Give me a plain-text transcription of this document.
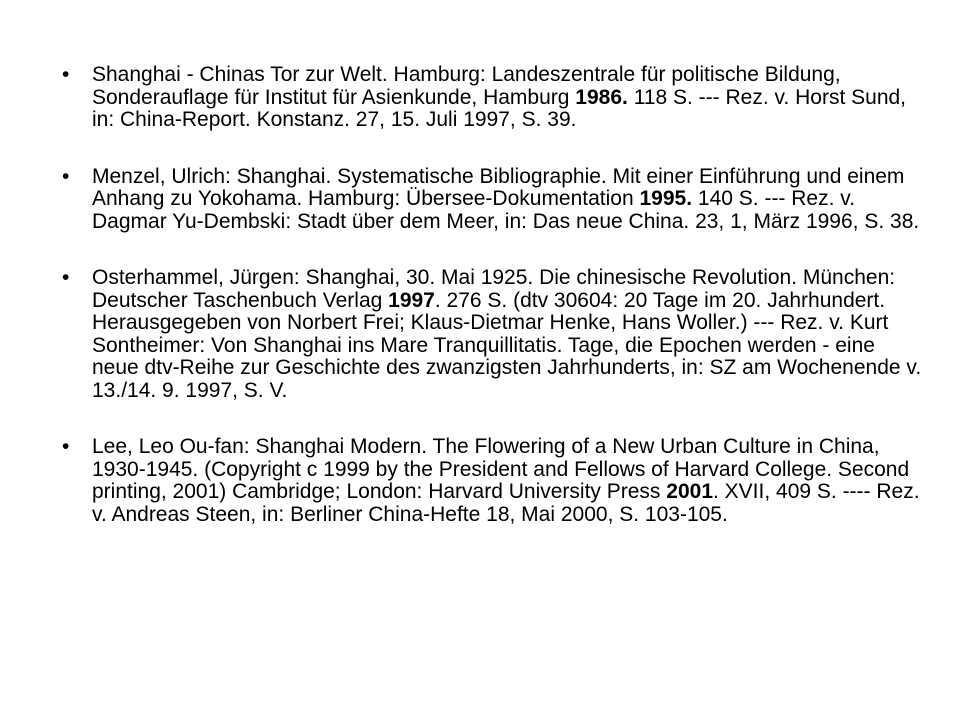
• Shanghai - Chinas Tor zur Welt. Hamburg: Landeszentrale für politische Bildung, Sonderauflage für Institut für Asienkunde, Hamburg 1986. 118 S. --- Rez. v. Horst Sund, in: China-Report. Konstanz. 27, 15. Juli 1997, S. 39.
• Menzel, Ulrich: Shanghai. Systematische Bibliographie. Mit einer Einführung und einem Anhang zu Yokohama. Hamburg: Übersee-Dokumentation 1995. 140 S. --- Rez. v. Dagmar Yu-Dembski: Stadt über dem Meer, in: Das neue China. 23, 1, März 1996, S. 38.
• Osterhammel, Jürgen: Shanghai, 30. Mai 1925. Die chinesische Revolution. München: Deutscher Taschenbuch Verlag 1997. 276 S. (dtv 30604: 20 Tage im 20. Jahrhundert. Herausgegeben von Norbert Frei; Klaus-Dietmar Henke, Hans Woller.) --- Rez. v. Kurt Sontheimer: Von Shanghai ins Mare Tranquillitatis. Tage, die Epochen werden - eine neue dtv-Reihe zur Geschichte des zwanzigsten Jahrhunderts, in: SZ am Wochenende v. 13./14. 9. 1997, S. V.
• Lee, Leo Ou-fan: Shanghai Modern. The Flowering of a New Urban Culture in China, 1930-1945. (Copyright c 1999 by the President and Fellows of Harvard College. Second printing, 2001) Cambridge; London: Harvard University Press 2001. XVII, 409 S. ---- Rez. v. Andreas Steen, in: Berliner China-Hefte 18, Mai 2000, S. 103-105.
